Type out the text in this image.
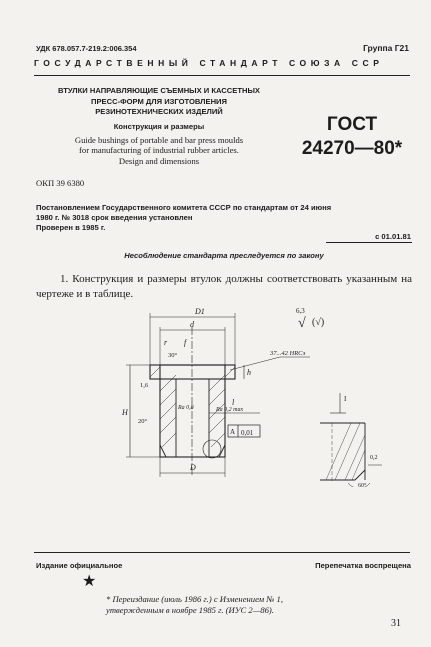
УДК 678.057.7-219.2:006.354	Группа Г21
ГОСУДАРСТВЕННЫЙ СТАНДАРТ СОЮЗА ССР
ВТУЛКИ НАПРАВЛЯЮЩИЕ СЪЕМНЫХ И КАССЕТНЫХ
ПРЕСС-ФОРМ ДЛЯ ИЗГОТОВЛЕНИЯ
РЕЗИНОТЕХНИЧЕСКИХ ИЗДЕЛИЙ
Конструкция и размеры
Guide bushings of portable and bar press moulds
for manufacturing of industrial rubber articles.
Design and dimensions
ГОСТ
24270—80*
ОКП 39 6380
Постановлением Государственного комитета СССР по стандартам от 24 июня
1980 г. № 3018 срок введения установлен
Проверен в 1985 г.
с 01.01.81
Несоблюдение стандарта преследуется по закону
1. Конструкция и размеры втулок должны соответствовать указанным на чертеже и в таблице.
6,3
√ (√)
D1
d
r f
h
H
1,6
20°
30°	37...42 HRCэ
Ra 0,8	Ra 0,2 max
A 0,01
D
l	I
0,2
60°
Издание официальное	Перепечатка воспрещена
★
* Переиздание (июль 1986 г.) с Изменением № 1,
утвержденным в ноябре 1985 г. (ИУС 2—86).
31
